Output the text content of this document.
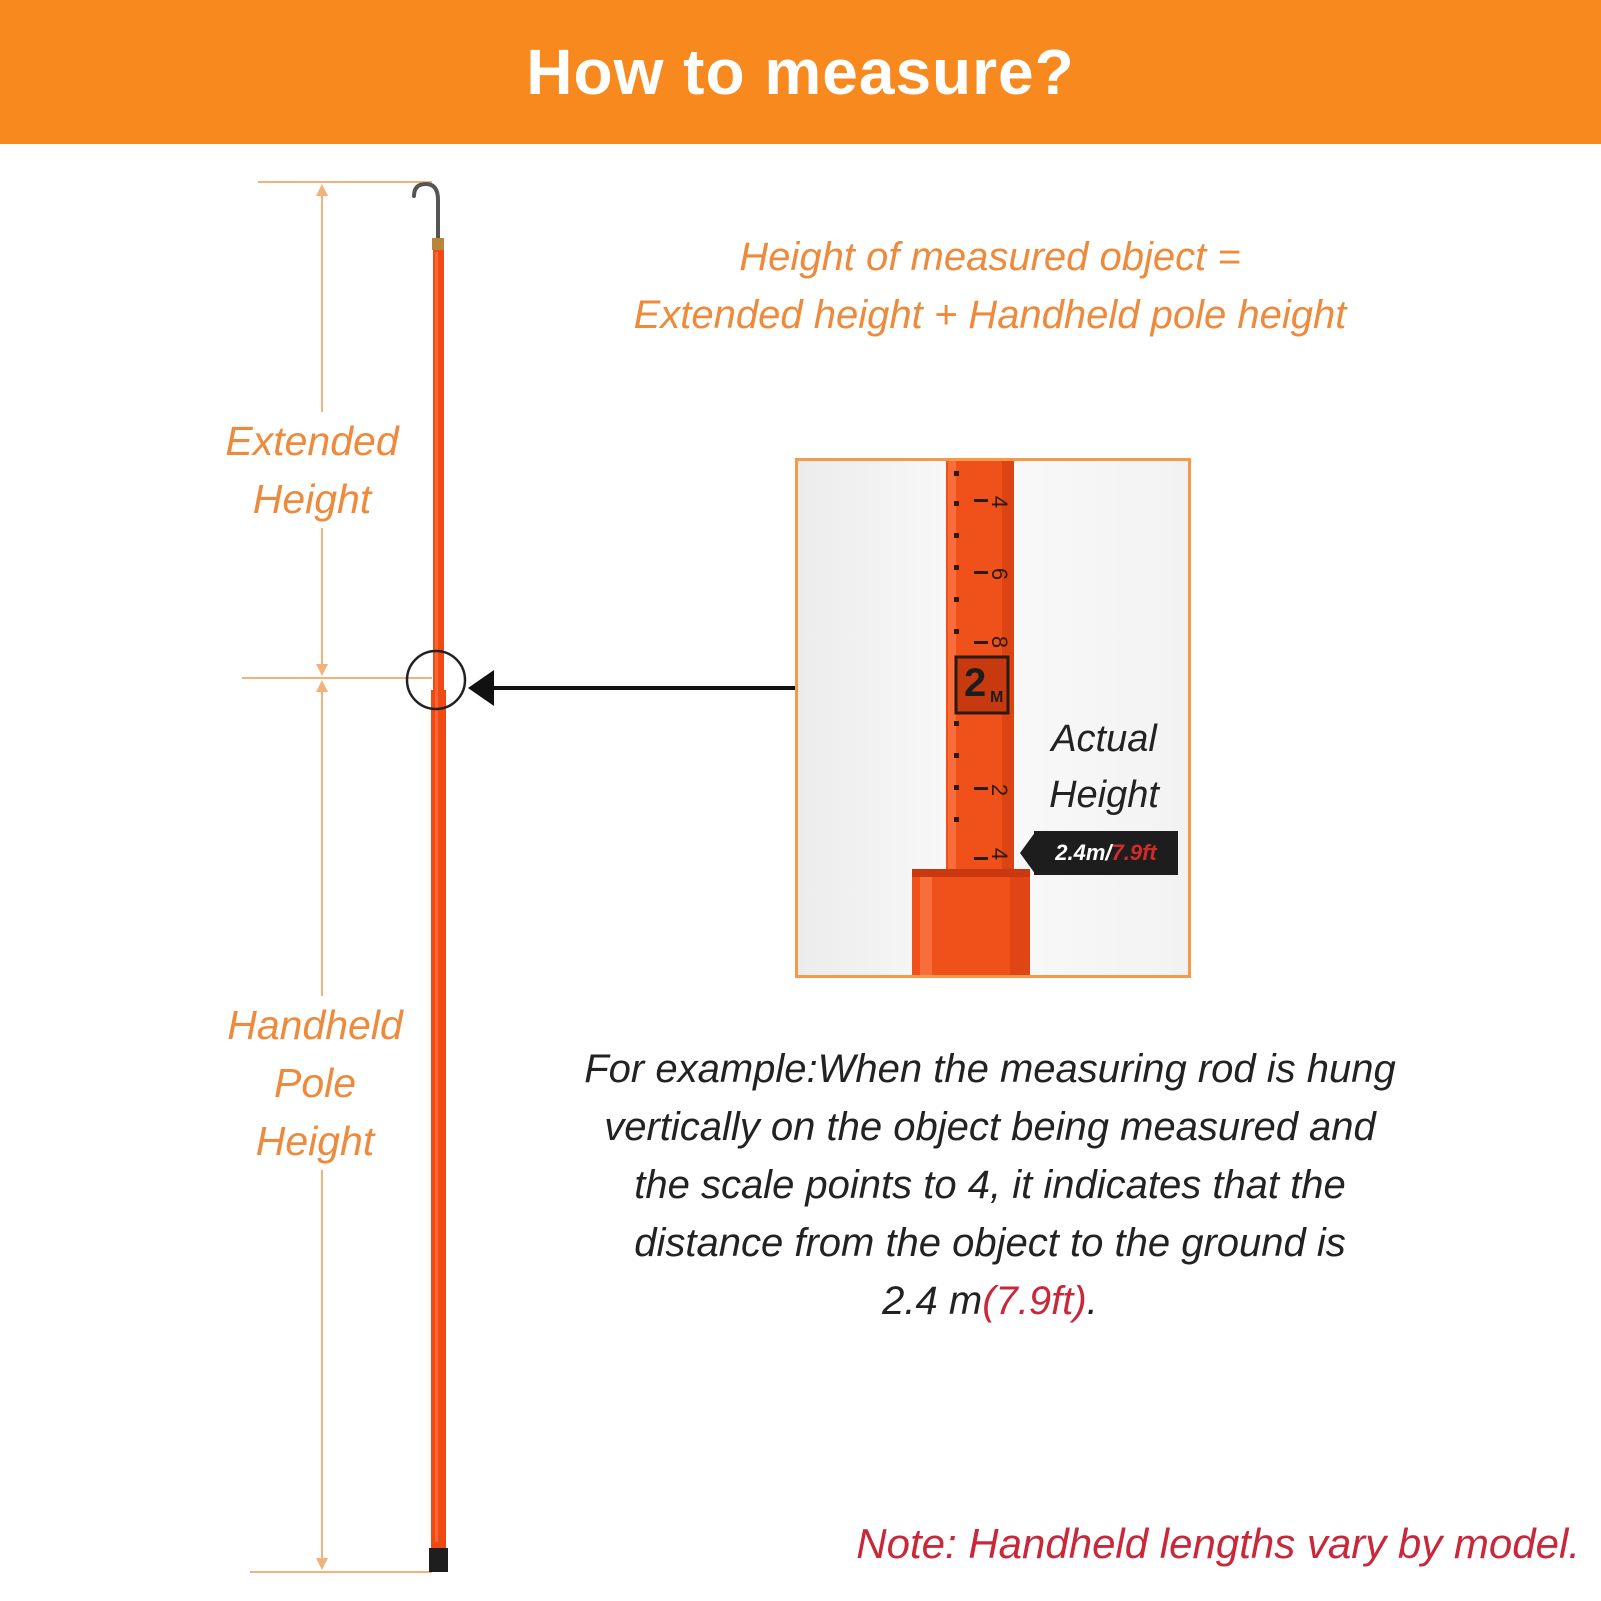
How to measure?
Extended
Height
Handheld
Pole
Height
Height of measured object =
Extended height + Handheld pole height
4
6
8
2 M
2
4
Actual
Height
2.4m/7.9ft
For example:When the measuring rod is hung
vertically on the object being measured and
the scale points to 4, it indicates that the
distance from the object to the ground is
2.4 m(7.9ft).
Note: Handheld lengths vary by model.
